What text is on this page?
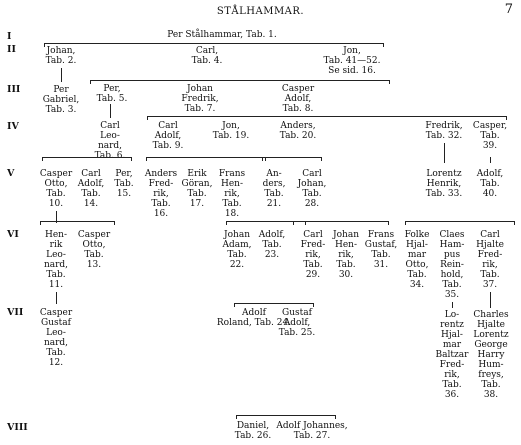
STÅLHAMMAR.	7
I
II
III
IV
V
VI
VII
VIII
Per Stålhammar, Tab. 1.
Johan,
Tab. 2.
Carl,
Tab. 4.
Jon,
Tab. 41—52.
Se sid. 16.
Per
Gabriel,
Tab. 3.
Per,
Tab. 5.
Johan
Fredrik,
Tab. 7.
Casper
Adolf,
Tab. 8.
Carl
Leo-
nard,
Tab. 6.
Carl
Adolf,
Tab. 9.
Jon,
Tab. 19.
Anders,
Tab. 20.
Fredrik,
Tab. 32.
Casper,
Tab.
39.
Casper
Otto,
Tab.
10.
Carl
Adolf,
Tab.
14.
Per,
Tab.
15.
Anders
Fred-
rik,
Tab.
16.
Erik
Göran,
Tab.
17.
Frans
Hen-
rik,
Tab.
18.
An-
ders,
Tab.
21.
Carl
Johan,
Tab.
28.
Lorentz
Henrik,
Tab. 33.
Adolf,
Tab.
40.
Hen-
rik
Leo-
nard,
Tab.
11.
Casper
Otto,
Tab.
13.
Johan
Adam,
Tab.
22.
Adolf,
Tab.
23.
Carl
Fred-
rik,
Tab.
29.
Johan
Hen-
rik,
Tab.
30.
Frans
Gustaf,
Tab.
31.
Folke
Hjal-
mar
Otto,
Tab.
34.
Claes
Ham-
pus
Rein-
hold,
Tab.
35.
Carl
Hjalte
Fred-
rik,
Tab.
37.
Casper
Gustaf
Leo-
nard,
Tab.
12.
Adolf
Roland, Tab. 24.
Gustaf
Adolf,
Tab. 25.
Lo-
rentz
Hjal-
mar
Baltzar
Fred-
rik,
Tab.
36.
Charles
Hjalte
Lorentz
George
Harry
Hum-
freys,
Tab.
38.
Daniel,
Tab. 26.
Adolf Johannes,
Tab. 27.
